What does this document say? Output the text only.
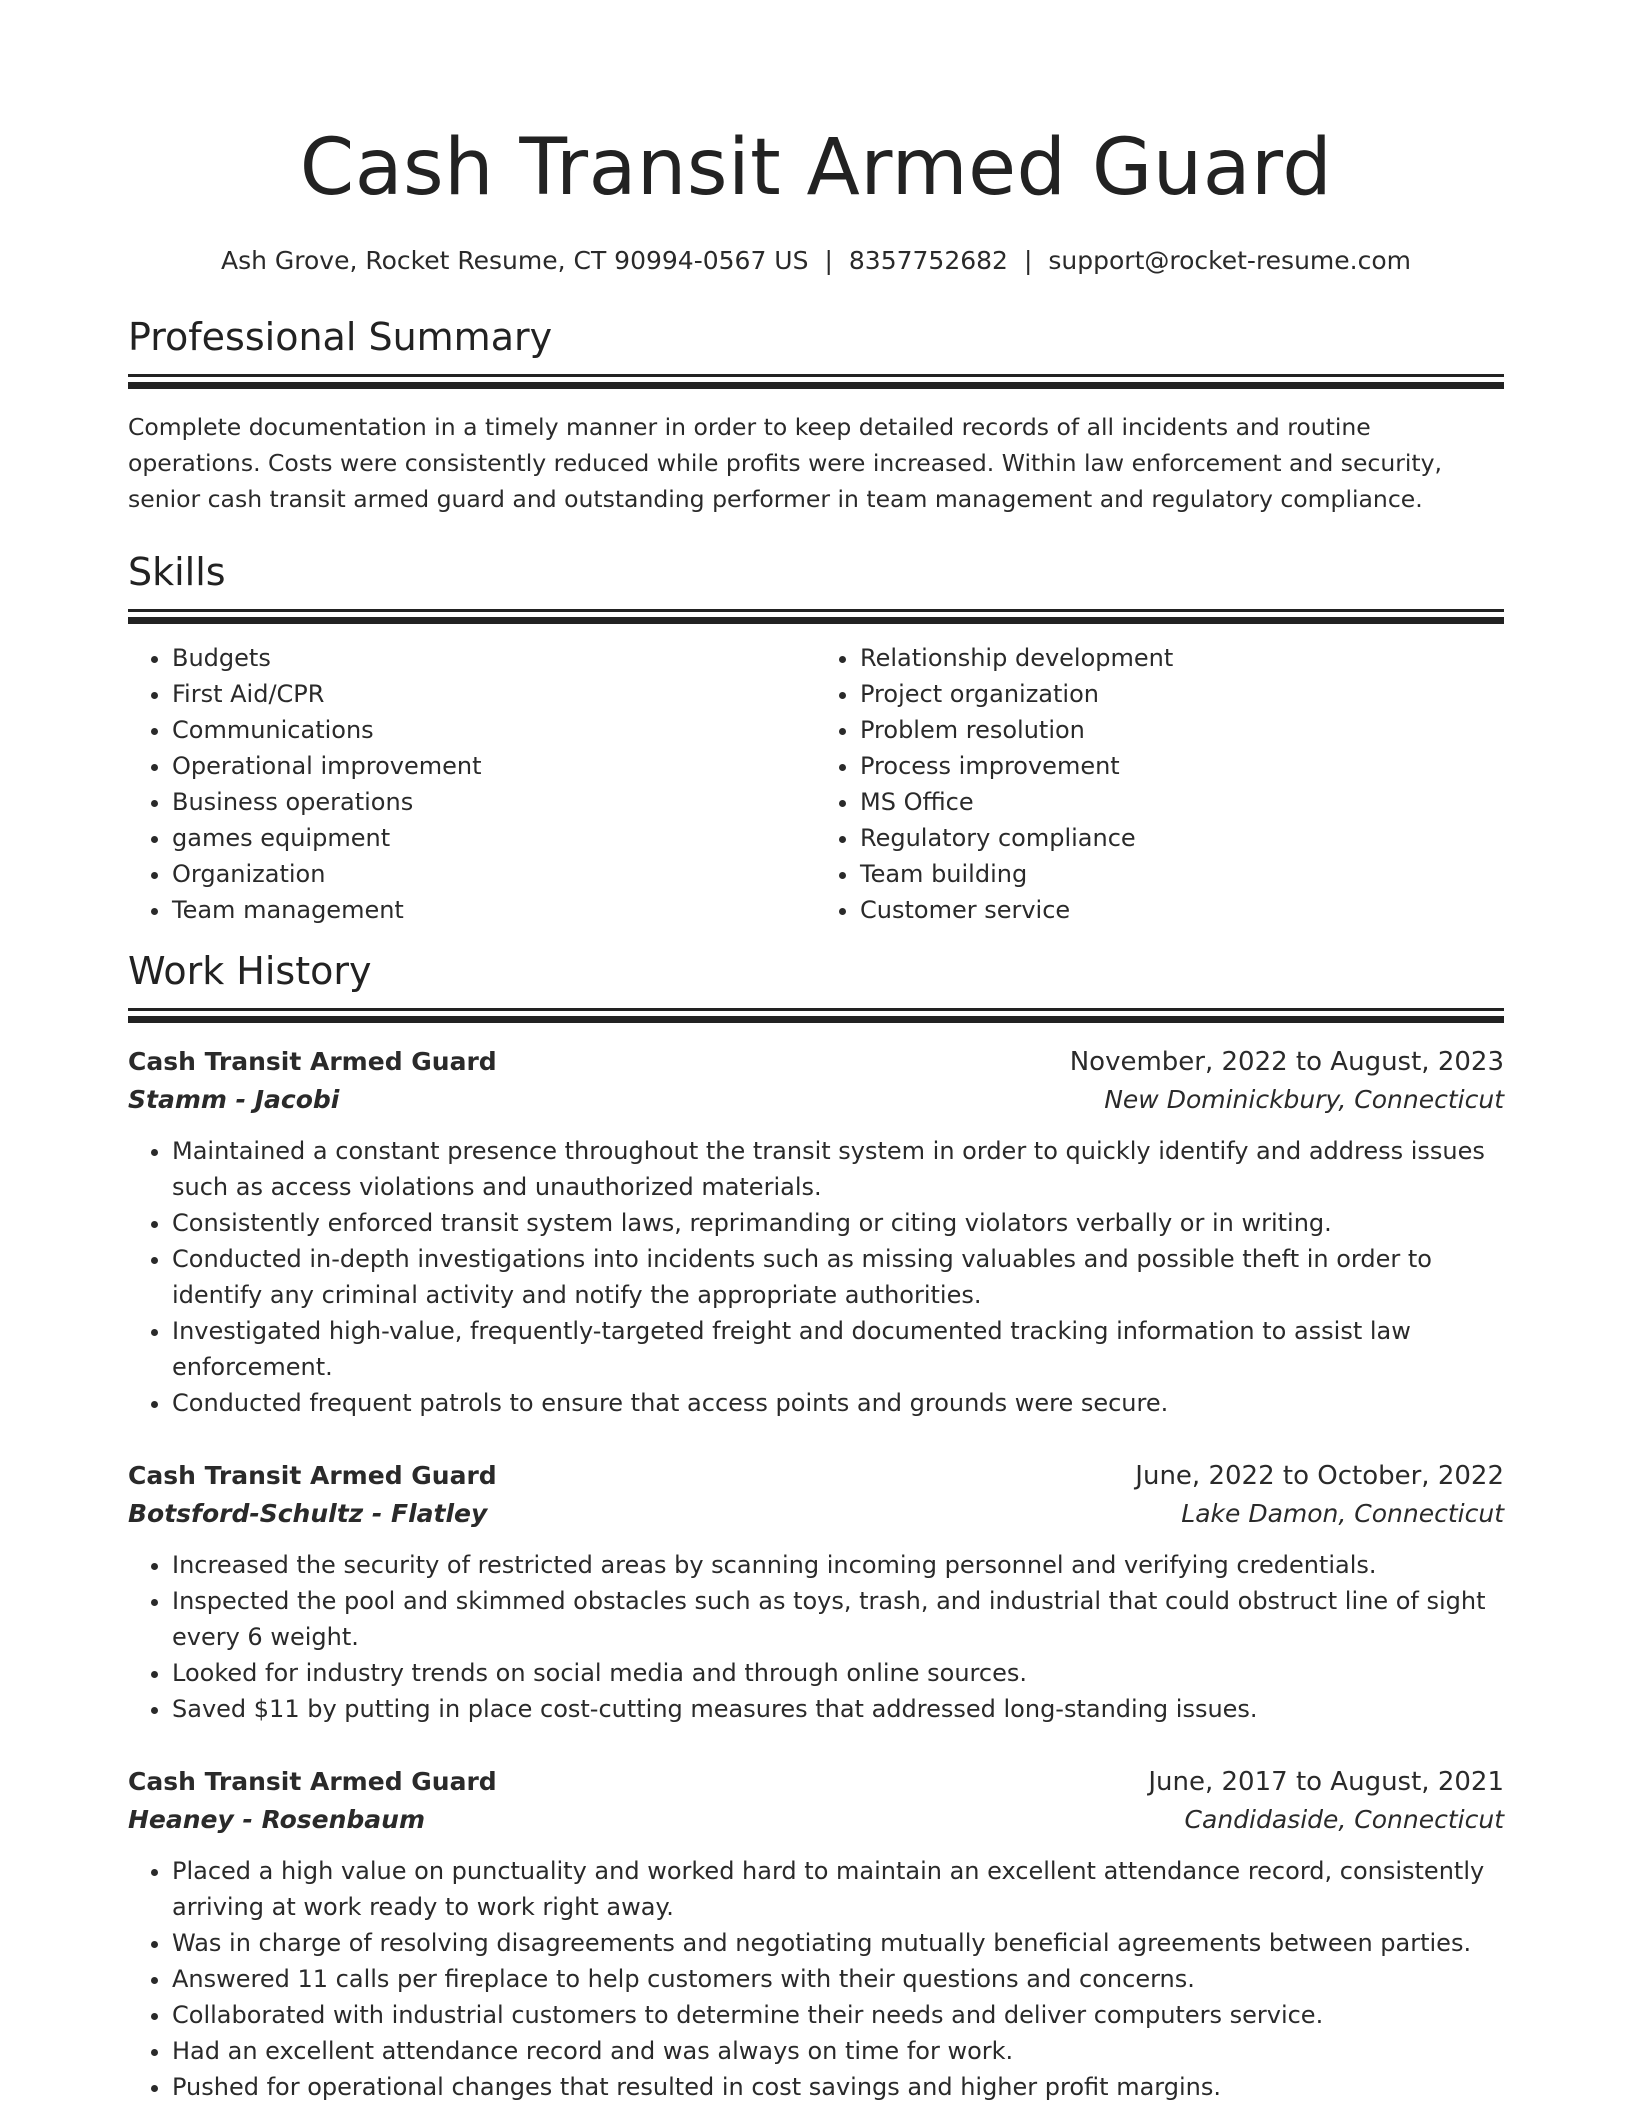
Cash Transit Armed Guard
Ash Grove, Rocket Resume, CT 90994-0567 US | 8357752682 | support@rocket-resume.com
Professional Summary

Complete documentation in a timely manner in order to keep detailed records of all incidents and routine operations. Costs were consistently reduced while profits were increased. Within law enforcement and security, senior cash transit armed guard and outstanding performer in team management and regulatory compliance.

Skills
• Budgets
• First Aid/CPR
• Communications
• Operational improvement
• Business operations
• games equipment
• Organization
• Team management
• Relationship development
• Project organization
• Problem resolution
• Process improvement
• MS Office
• Regulatory compliance
• Team building
• Customer service
Work History
Cash Transit Armed Guard	November, 2022 to August, 2023
Stamm - Jacobi	New Dominickbury, Connecticut
• Maintained a constant presence throughout the transit system in order to quickly identify and address issues such as access violations and unauthorized materials.
• Consistently enforced transit system laws, reprimanding or citing violators verbally or in writing.
• Conducted in-depth investigations into incidents such as missing valuables and possible theft in order to identify any criminal activity and notify the appropriate authorities.
• Investigated high-value, frequently-targeted freight and documented tracking information to assist law enforcement.
• Conducted frequent patrols to ensure that access points and grounds were secure.
Cash Transit Armed Guard	June, 2022 to October, 2022
Botsford-Schultz - Flatley	Lake Damon, Connecticut
• Increased the security of restricted areas by scanning incoming personnel and verifying credentials.
• Inspected the pool and skimmed obstacles such as toys, trash, and industrial that could obstruct line of sight every 6 weight.
• Looked for industry trends on social media and through online sources.
• Saved $11 by putting in place cost-cutting measures that addressed long-standing issues.
Cash Transit Armed Guard	June, 2017 to August, 2021
Heaney - Rosenbaum	Candidaside, Connecticut
• Placed a high value on punctuality and worked hard to maintain an excellent attendance record, consistently arriving at work ready to work right away.
• Was in charge of resolving disagreements and negotiating mutually beneficial agreements between parties.
• Answered 11 calls per fireplace to help customers with their questions and concerns.
• Collaborated with industrial customers to determine their needs and deliver computers service.
• Had an excellent attendance record and was always on time for work.
• Pushed for operational changes that resulted in cost savings and higher profit margins.
